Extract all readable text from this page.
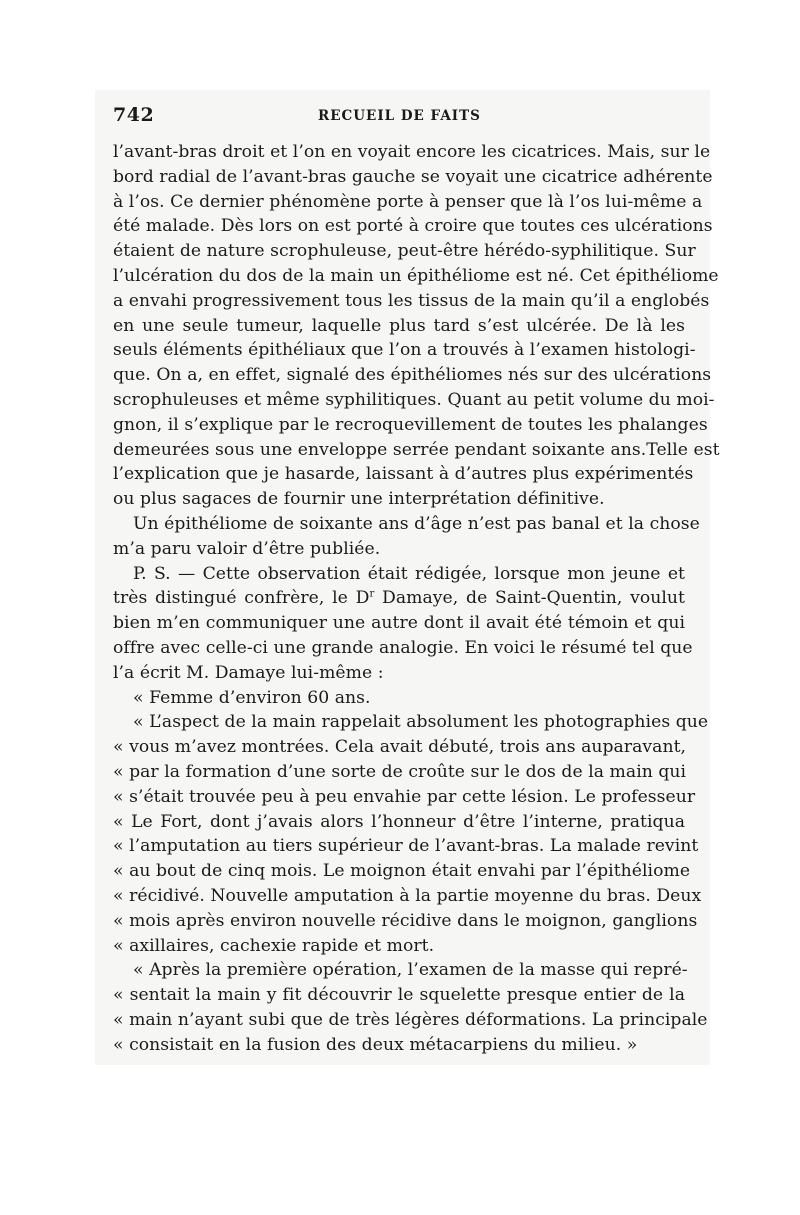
742	RECUEIL DE FAITS
l’avant-bras droit et l’on en voyait encore les cicatrices. Mais, sur le
bord radial de l’avant-bras gauche se voyait une cicatrice adhérente
à l’os. Ce dernier phénomène porte à penser que là l’os lui-même a
été malade. Dès lors on est porté à croire que toutes ces ulcérations
étaient de nature scrophuleuse, peut-être hérédo-syphilitique. Sur
l’ulcération du dos de la main un épithéliome est né. Cet épithéliome
a envahi progressivement tous les tissus de la main qu’il a englobés
en une seule tumeur, laquelle plus tard s’est ulcérée. De là les
seuls éléments épithéliaux que l’on a trouvés à l’examen histologi-
que. On a, en effet, signalé des épithéliomes nés sur des ulcérations
scrophuleuses et même syphilitiques. Quant au petit volume du moi-
gnon, il s’explique par le recroquevillement de toutes les phalanges
demeurées sous une enveloppe serrée pendant soixante ans.Telle est
l’explication que je hasarde, laissant à d’autres plus expérimentés
ou plus sagaces de fournir une interprétation définitive.
Un épithéliome de soixante ans d’âge n’est pas banal et la chose
m’a paru valoir d’être publiée.
P. S. — Cette observation était rédigée, lorsque mon jeune et
très distingué confrère, le $D^r$ Damaye, de Saint-Quentin, voulut
bien m’en communiquer une autre dont il avait été témoin et qui
offre avec celle-ci une grande analogie. En voici le résumé tel que
l’a écrit M. Damaye lui-même :
« Femme d’environ 60 ans.
« L’aspect de la main rappelait absolument les photographies que
« vous m’avez montrées. Cela avait débuté, trois ans auparavant,
« par la formation d’une sorte de croûte sur le dos de la main qui
« s’était trouvée peu à peu envahie par cette lésion. Le professeur
« Le Fort, dont j’avais alors l’honneur d’être l’interne, pratiqua
« l’amputation au tiers supérieur de l’avant-bras. La malade revint
« au bout de cinq mois. Le moignon était envahi par l’épithéliome
« récidivé. Nouvelle amputation à la partie moyenne du bras. Deux
« mois après environ nouvelle récidive dans le moignon, ganglions
« axillaires, cachexie rapide et mort.
« Après la première opération, l’examen de la masse qui repré-
« sentait la main y fit découvrir le squelette presque entier de la
« main n’ayant subi que de très légères déformations. La principale
« consistait en la fusion des deux métacarpiens du milieu. »
